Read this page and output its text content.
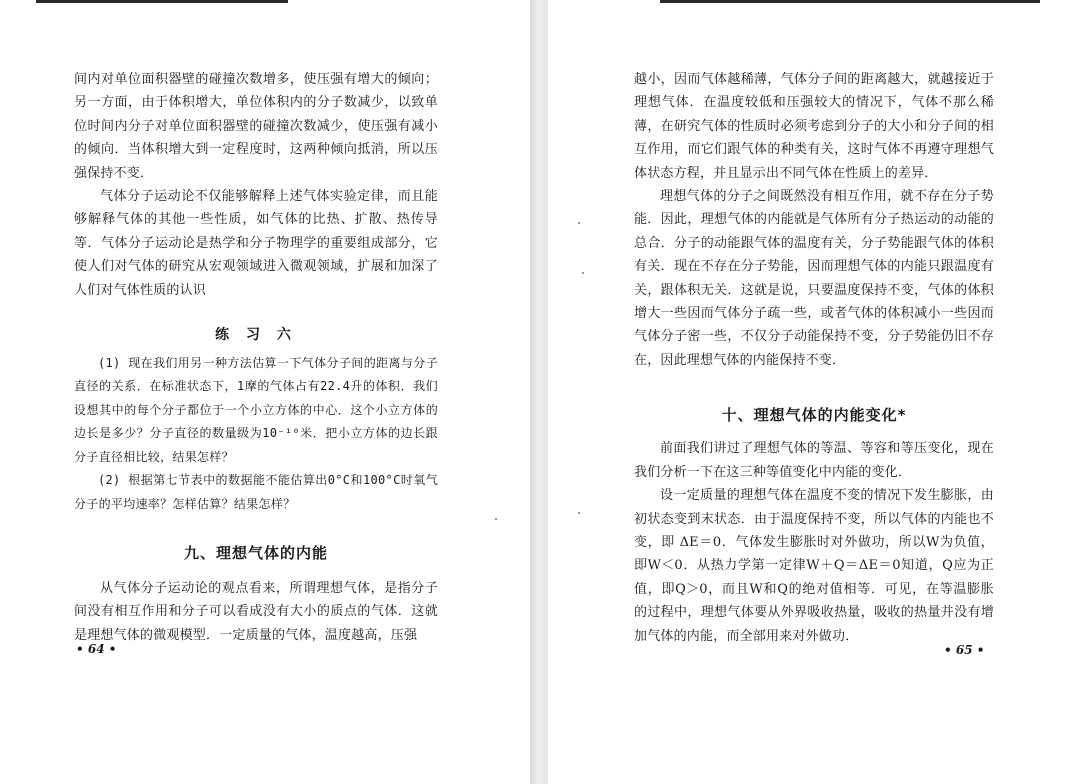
间内对单位面积器壁的碰撞次数增多，使压强有增大的倾向；另一方面，由于体积增大，单位体积内的分子数减少，以致单位时间内分子对单位面积器壁的碰撞次数减少，使压强有减小的倾向．当体积增大到一定程度时，这两种倾向抵消，所以压强保持不变．

气体分子运动论不仅能够解释上述气体实验定律，而且能够解释气体的其他一些性质，如气体的比热、扩散、热传导等．气体分子运动论是热学和分子物理学的重要组成部分，它使人们对气体的研究从宏观领域进入微观领域，扩展和加深了人们对气体性质的认识

练 习 六

(1) 现在我们用另一种方法估算一下气体分子间的距离与分子直径的关系．在标准状态下，1摩的气体占有22.4升的体积．我们设想其中的每个分子都位于一个小立方体的中心．这个小立方体的边长是多少？分子直径的数量级为10⁻¹⁰米．把小立方体的边长跟分子直径相比较，结果怎样？

(2) 根据第七节表中的数据能不能估算出0°C和100°C时氧气分子的平均速率？怎样估算？结果怎样？

九、理想气体的内能

从气体分子运动论的观点看来，所谓理想气体，是指分子间没有相互作用和分子可以看成没有大小的质点的气体．这就是理想气体的微观模型．一定质量的气体，温度越高，压强

• 64 •

越小，因而气体越稀薄，气体分子间的距离越大，就越接近于理想气体．在温度较低和压强较大的情况下，气体不那么稀薄，在研究气体的性质时必须考虑到分子的大小和分子间的相互作用，而它们跟气体的种类有关，这时气体不再遵守理想气体状态方程，并且显示出不同气体在性质上的差异．

理想气体的分子之间既然没有相互作用，就不存在分子势能．因此，理想气体的内能就是气体所有分子热运动的动能的总合．分子的动能跟气体的温度有关，分子势能跟气体的体积有关．现在不存在分子势能，因而理想气体的内能只跟温度有关，跟体积无关．这就是说，只要温度保持不变，气体的体积增大一些因而气体分子疏一些，或者气体的体积减小一些因而气体分子密一些，不仅分子动能保持不变，分子势能仍旧不存在，因此理想气体的内能保持不变．

十、理想气体的内能变化*

前面我们讲过了理想气体的等温、等容和等压变化，现在我们分析一下在这三种等值变化中内能的变化．

设一定质量的理想气体在温度不变的情况下发生膨胀，由初状态变到末状态．由于温度保持不变，所以气体的内能也不变，即 ΔE＝0．气体发生膨胀时对外做功，所以W为负值，即W＜0．从热力学第一定律W＋Q＝ΔE＝0知道，Q应为正值，即Q＞0，而且W和Q的绝对值相等．可见，在等温膨胀的过程中，理想气体要从外界吸收热量，吸收的热量并没有增加气体的内能，而全部用来对外做功．

• 65 •
